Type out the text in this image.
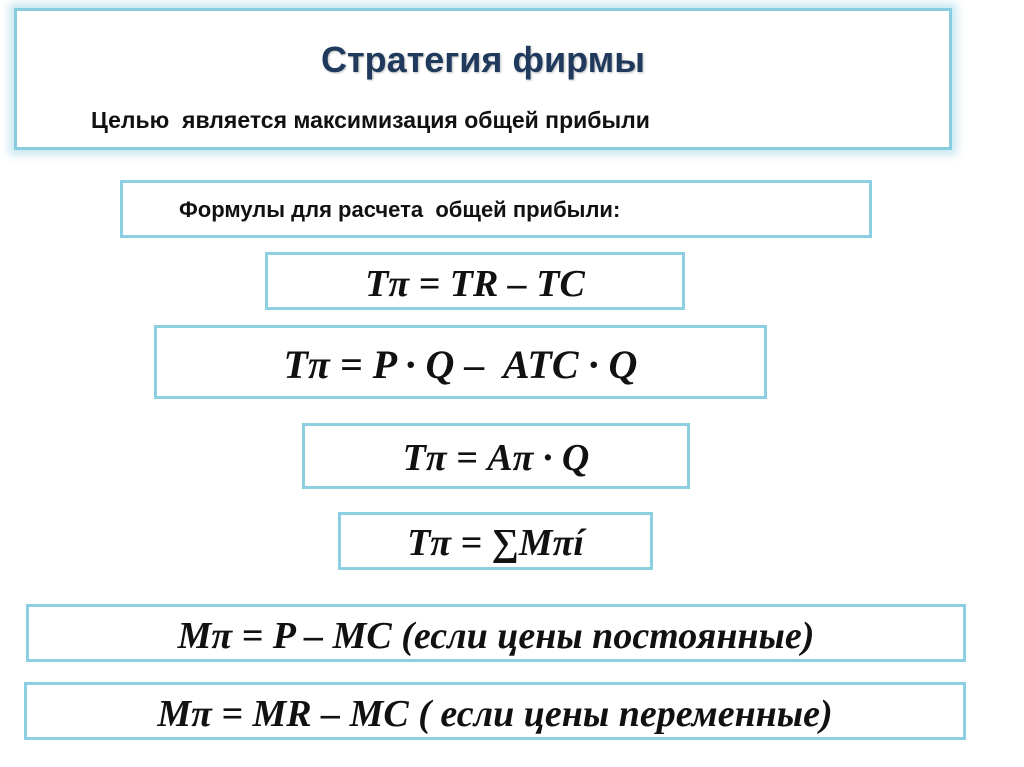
Стратегия фирмы
Целью  является максимизация общей прибыли
Формулы для расчета  общей прибыли:
Tπ = TR – TC
Tπ = P · Q –  ATC · Q
Tπ = Aπ · Q
Tπ = ∑Mπí
Mπ = P – MC (если цены постоянные)
Mπ = MR – MC ( если цены переменные)
